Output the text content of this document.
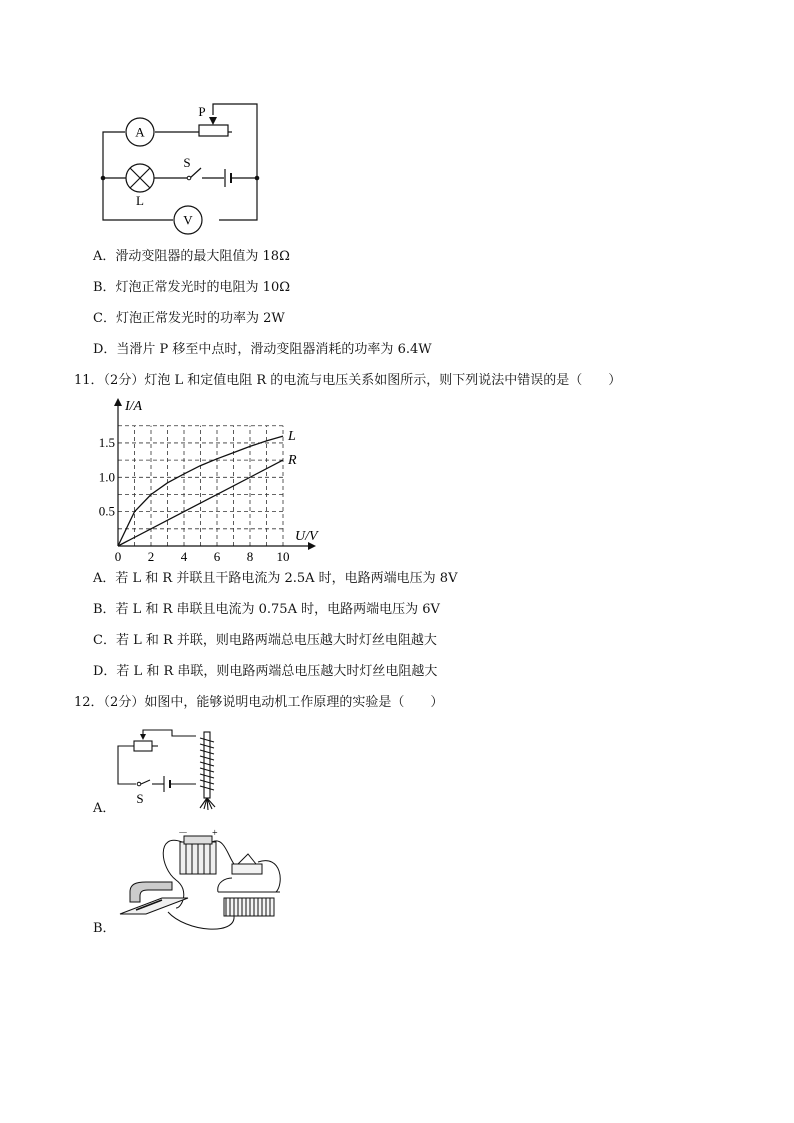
A
V
P
S
L
A．滑动变阻器的最大阻值为 18Ω
B．灯泡正常发光时的电阻为 10Ω
C．灯泡正常发光时的功率为 2W
D．当滑片 P 移至中点时，滑动变阻器消耗的功率为 6.4W
11．（2分）灯泡 L 和定值电阻 R 的电流与电压关系如图所示，则下列说法中错误的是（　　）
I/A
U/V
0 2 4 6 8 10
0.5
1.0
1.5	L
R
A．若 L 和 R 并联且干路电流为 2.5A 时，电路两端电压为 8V
B．若 L 和 R 串联且电流为 0.75A 时，电路两端电压为 6V
C．若 L 和 R 并联，则电路两端总电压越大时灯丝电阻越大
D．若 L 和 R 串联，则电路两端总电压越大时灯丝电阻越大
12．（2分）如图中，能够说明电动机工作原理的实验是（　　）
S
A．
－ +
B．
